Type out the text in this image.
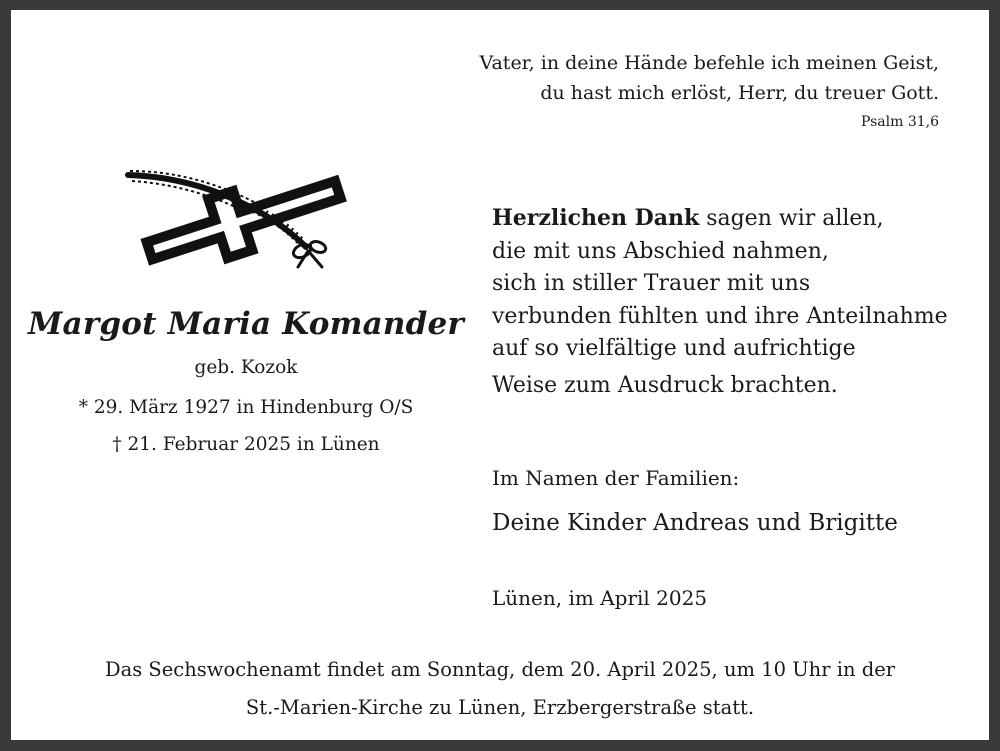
Vater, in deine Hände befehle ich meinen Geist,
du hast mich erlöst, Herr, du treuer Gott.
Psalm 31,6
Margot Maria Komander
geb. Kozok
* 29. März 1927 in Hindenburg O/S
† 21. Februar 2025 in Lünen
Herzlichen Dank sagen wir allen,
die mit uns Abschied nahmen,
sich in stiller Trauer mit uns
verbunden fühlten und ihre Anteilnahme
auf so vielfältige und aufrichtige
Weise zum Ausdruck brachten.
Im Namen der Familien:
Deine Kinder Andreas und Brigitte
Lünen, im April 2025
Das Sechswochenamt findet am Sonntag, dem 20. April 2025, um 10 Uhr in der
St.-Marien-Kirche zu Lünen, Erzbergerstraße statt.
